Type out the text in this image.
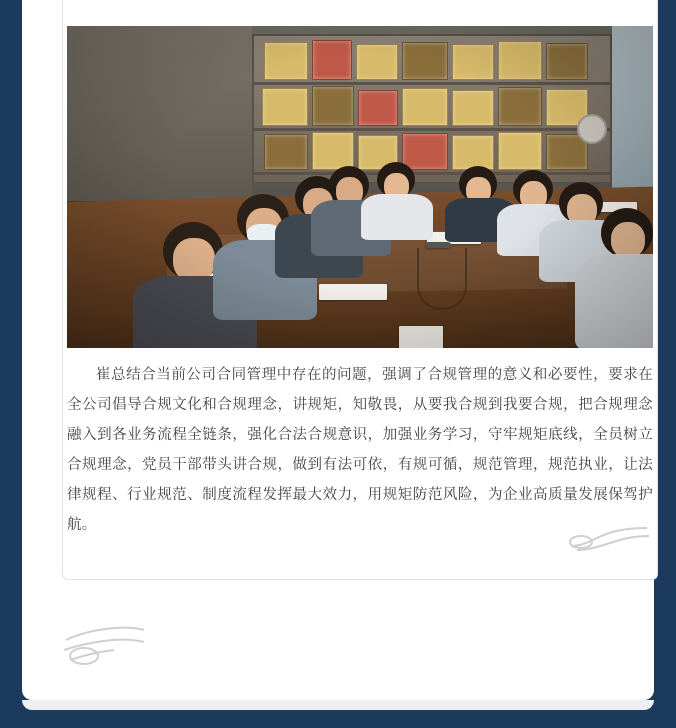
崔总结合当前公司合同管理中存在的问题，强调了合规管理的意义和必要性，要求在全公司倡导合规文化和合规理念，讲规矩，知敬畏，从要我合规到我要合规，把合规理念融入到各业务流程全链条，强化合法合规意识，加强业务学习，守牢规矩底线，全员树立合规理念，党员干部带头讲合规，做到有法可依，有规可循，规范管理，规范执业，让法律规程、行业规范、制度流程发挥最大效力，用规矩防范风险，为企业高质量发展保驾护航。
